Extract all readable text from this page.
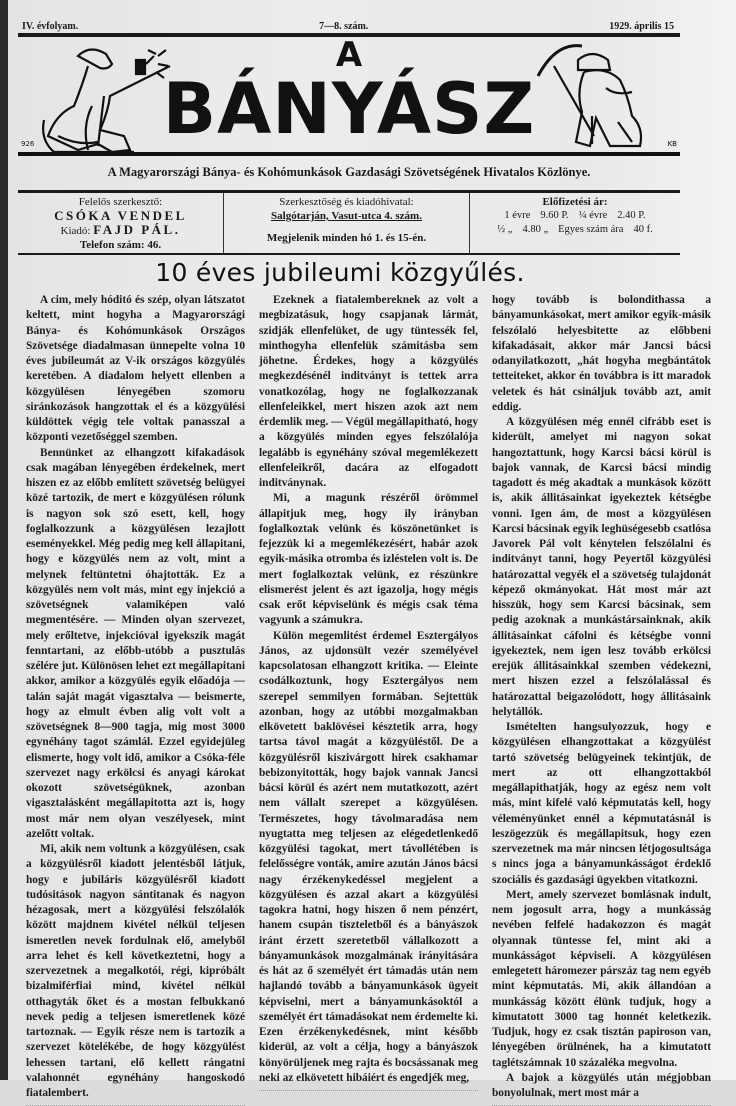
IV. évfolyam.	7—8. szám.	1929. április 15
926	KB
A
BÁNYÁSZ
A Magyarországi Bánya- és Kohómunkások Gazdasági Szövetségének Hivatalos Közlönye.
Felelős szerkesztő:
CSÓKA VENDEL
Kiadó: FAJD PÁL.
Telefon szám: 46.
Szerkesztőség és kiadóhivatal:
Salgótarján, Vasut-utca 4. szám.
Megjelenik minden hó 1. és 15-én.
Előfizetési ár:
1 évre 9.60 P. ¼ évre 2.40 P.
½ „ 4.80 „ Egyes szám ára 40 f.
10 éves jubileumi közgyűlés.

A cim, mely hóditó és szép, olyan látszatot keltett, mint hogyha a Magyarországi Bánya- és Kohómunkások Országos Szövetsége diadalmasan ünnepelte volna 10 éves jubileumát az V-ik országos közgyülés keretében. A diadalom helyett ellenben a közgyülésen lényegében szomoru siránkozások hangzottak el és a közgyülési küldöttek végig tele voltak panasszal a központi vezetőséggel szemben.

Bennünket az elhangzott kifakadások csak magában lényegében érdekelnek, mert hiszen ez az előbb említett szövetség belügyei közé tartozik, de mert e közgyülésen rólunk is nagyon sok szó esett, kell, hogy foglalkozzunk a közgyülésen lezajlott eseményekkel. Még pedig meg kell állapitani, hogy e közgyülés nem az volt, mint a melynek feltüntetni óhajtották. Ez a közgyülés nem volt más, mint egy injekció a szövetségnek valamiképen való megmentésére. — Minden olyan szervezet, mely erőltetve, injekcióval igyekszik magát fenntartani, az előbb-utóbb a pusztulás szélére jut. Különösen lehet ezt megállapitani akkor, amikor a közgyülés egyik előadója — talán saját magát vigasztalva — beismerte, hogy az elmult évben alig volt volt a szövetségnek 8—900 tagja, mig most 3000 egynéhány tagot számlál. Ezzel egyidejüleg elismerte, hogy volt idő, amikor a Csóka-féle szervezet nagy erkölcsi és anyagi károkat okozott szövetségüknek, azonban vigasztalásként megállapitotta azt is, hogy most már nem olyan veszélyesek, mint azelőtt voltak.

Mi, akik nem voltunk a közgyülésen, csak a közgyülésről kiadott jelentésből látjuk, hogy e jubiláris közgyülésről kiadott tudósitások nagyon sántitanak és nagyon hézagosak, mert a közgyülési felszólalók között majdnem kivétel nélkül teljesen ismeretlen nevek fordulnak elő, amelyből arra lehet és kell következtetni, hogy a szervezetnek a megalkotói, régi, kipróbált bizalmiférfiai mind, kivétel nélkül otthagyták őket és a mostan felbukkanó nevek pedig a teljesen ismeretlenek közé tartoznak. — Egyik része nem is tartozik a szervezet kötelékébe, de hogy közgyülést lehessen tartani, elő kellett rángatni valahonnét egynéhány hangoskodó fiatalembert.

Ezeknek a fiatalembereknek az volt a megbizatásuk, hogy csapjanak lármát, szidják ellenfelüket, de ugy tüntessék fel, minthogyha ellenfelük számitásba sem jöhetne. Érdekes, hogy a közgyülés megkezdésénél inditványt is tettek arra vonatkozólag, hogy ne foglalkozzanak ellenfeleikkel, mert hiszen azok azt nem érdemlik meg. — Végül megállapitható, hogy a közgyülés minden egyes felszólalója legalább is egynéhány szóval megemlékezett ellenfeleikről, dacára az elfogadott inditványnak.

Mi, a magunk részéről örömmel állapitjuk meg, hogy ily irányban foglalkoztak velünk és köszönetünket is fejezzük ki a megemlékezésért, habár azok egyik-másika otromba és izléstelen volt is. De mert foglalkoztak velünk, ez részünkre elismerést jelent és azt igazolja, hogy mégis csak erőt képviselünk és mégis csak téma vagyunk a számukra.

Külön megemlitést érdemel Esztergályos János, az ujdonsült vezér személyével kapcsolatosan elhangzott kritika. — Eleinte csodálkoztunk, hogy Esztergályos nem szerepel semmilyen formában. Sejtettük azonban, hogy az utóbbi mozgalmakban elkövetett baklövései késztetik arra, hogy tartsa távol magát a közgyüléstől. De a közgyülésről kiszivárgott hirek csakhamar bebizonyitották, hogy bajok vannak Jancsi bácsi körül és azért nem mutatkozott, azért nem vállalt szerepet a közgyülésen. Természetes, hogy távolmaradása nem nyugtatta meg teljesen az elégedetlenkedő közgyülési tagokat, mert távollétében is felelősségre vonták, amire azután János bácsi nagy érzékenykedéssel megjelent a közgyülésen és azzal akart a közgyülési tagokra hatni, hogy hiszen ő nem pénzért, hanem csupán tiszteletből és a bányászok iránt érzett szeretetből vállalkozott a bányamunkások mozgalmának irányitására és hát az ő személyét ért támadás után nem hajlandó tovább a bányamunkások ügyeit képviselni, mert a bányamunkásoktól a személyét ért támadásokat nem érdemelte ki. Ezen érzékenykedésnek, mint később kiderül, az volt a célja, hogy a bányászok könyörüljenek meg rajta és bocsássanak meg neki az elkövetett hibáiért és engedjék meg,

hogy tovább is bolondithassa a bányamunkásokat, mert amikor egyik-másik felszólaló helyesbitette az előbbeni kifakadásait, akkor már Jancsi bácsi odanyilatkozott, „hát hogyha megbántátok tetteiteket, akkor én továbbra is itt maradok veletek és hát csináljuk tovább azt, amit eddig.

A közgyülésen még ennél cifrább eset is kiderült, amelyet mi nagyon sokat hangoztattunk, hogy Karcsi bácsi körül is bajok vannak, de Karcsi bácsi mindig tagadott és még akadtak a munkások között is, akik állitásainkat igyekeztek kétségbe vonni. Igen ám, de most a közgyülésen Karcsi bácsinak egyik leghüségesebb csatlósa Javorek Pál volt kénytelen felszólalni és inditványt tanni, hogy Peyertől közgyülési határozattal vegyék el a szövetség tulajdonát képező okmányokat. Hát most már azt hisszük, hogy sem Karcsi bácsinak, sem pedig azoknak a munkástársainknak, akik állitásainkat cáfolni és kétségbe vonni igyekeztek, nem igen lesz tovább erkölcsi erejük állitásainkkal szemben védekezni, mert hiszen ezzel a felszólalással és határozattal beigazolódott, hogy állitásaink helytállók.

Ismételten hangsulyozzuk, hogy e közgyülésen elhangzottakat a közgyülést tartó szövetség belügyeinek tekintjük, de mert az ott elhangzottakból megállapithatják, hogy az egész nem volt más, mint kifelé való képmutatás kell, hogy véleményünket ennél a képmutatásnál is leszögezzük és megállapitsuk, hogy ezen szervezetnek ma már nincsen létjogosultsága s nincs joga a bányamunkásságot érdeklő szociális és gazdasági ügyekben vitatkozni.

Mert, amely szervezet bomlásnak indult, nem jogosult arra, hogy a munkásság nevében felfelé hadakozzon és magát olyannak tüntesse fel, mint aki a munkásságot képviseli. A közgyülésen emlegetett háromezer párszáz tag nem egyéb mint képmutatás. Mi, akik állandóan a munkásság között élünk tudjuk, hogy a kimutatott 3000 tag honnét keletkezik. Tudjuk, hogy ez csak tisztán papiroson van, lényegében örülnének, ha a kimutatott taglétszámnak 10 százaléka megvolna.

A bajok a közgyülés után mégjobban bonyolulnak, mert most már a
